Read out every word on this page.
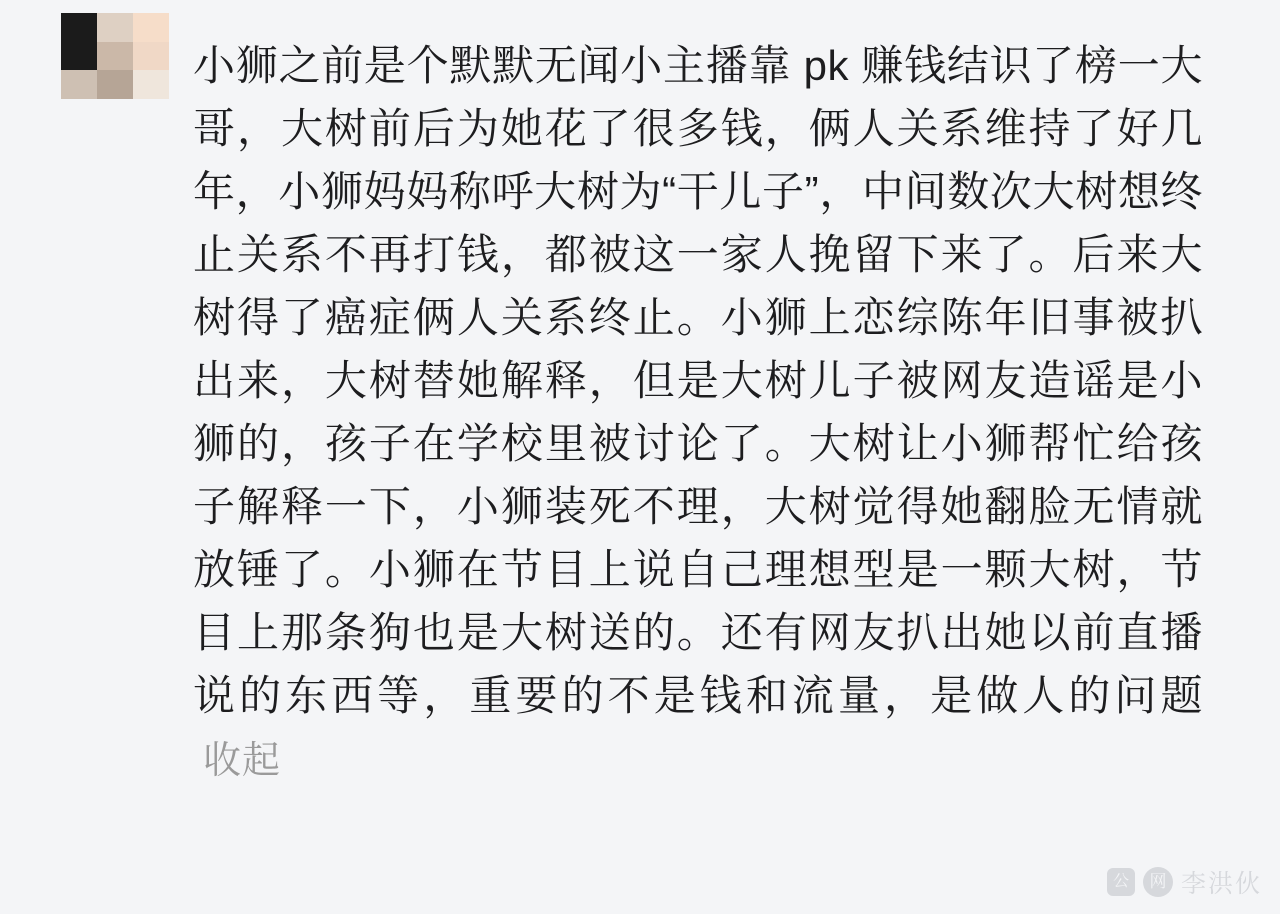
小狮之前是个默默无闻小主播靠 pk 赚钱结识了榜一大哥，大树前后为她花了很多钱，俩人关系维持了好几年，小狮妈妈称呼大树为“干儿子”，中间数次大树想终止关系不再打钱，都被这一家人挽留下来了。后来大树得了癌症俩人关系终止。小狮上恋综陈年旧事被扒出来，大树替她解释，但是大树儿子被网友造谣是小狮的，孩子在学校里被讨论了。大树让小狮帮忙给孩子解释一下，小狮装死不理，大树觉得她翻脸无情就放锤了。小狮在节目上说自己理想型是一颗大树，节目上那条狗也是大树送的。还有网友扒出她以前直播说的东西等，重要的不是钱和流量，是做人的问题收起

公	网 李洪伙
